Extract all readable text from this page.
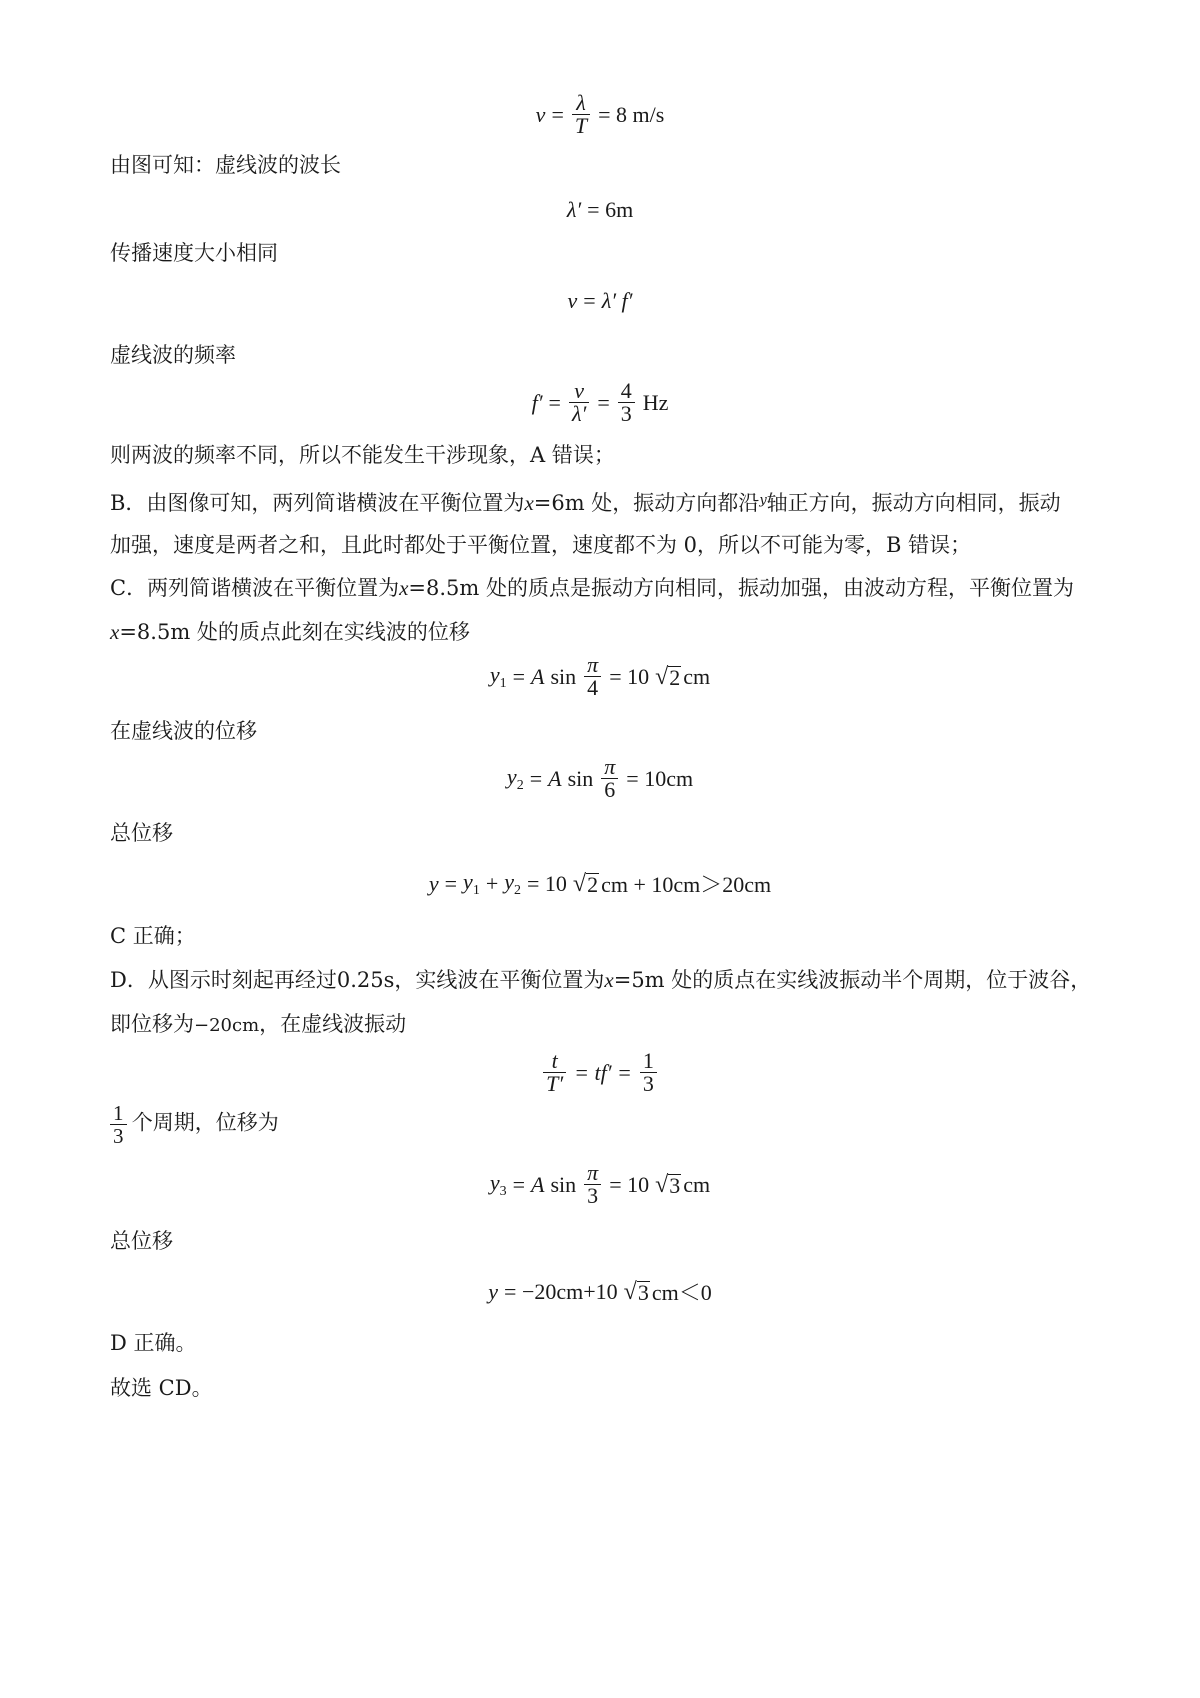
$v = \frac{\lambda}{T} = 8$ m/s
由图可知：虚线波的波长
λ′ = 6m
传播速度大小相同
v = λ′ f′
虚线波的频率
$f' = \frac{v}{\lambda'} = \frac{4}{3}$ Hz
则两波的频率不同，所以不能发生干涉现象，A 错误；
B．由图像可知，两列简谐横波在平衡位置为x=6m 处，振动方向都沿$^y$轴正方向，振动方向相同，振动
加强，速度是两者之和，且此时都处于平衡位置，速度都不为 0，所以不可能为零，B 错误；
C．两列简谐横波在平衡位置为x=8.5m 处的质点是振动方向相同，振动加强，由波动方程，平衡位置为
x=8.5m 处的质点此刻在实线波的位移
$y_1 = A$ $\sin \frac{\pi}{4} = 10$ √ 2 cm
在虚线波的位移
$y_2 = A$ $\sin \frac{\pi}{6} = 10cm$
总位移
$y = y_1 + y_2 = 10$ √ 2 cm + 10cm＞20cm
C 正确；
D．从图示时刻起再经过0.25s，实线波在平衡位置为x=5m 处的质点在实线波振动半个周期，位于波谷，
即位移为−20cm，在虚线波振动
$\frac{t}{T'} = tf' = \frac{1}{3}$
$\frac{1}{3}$ 个周期，位移为
$y_3 = A$ $\sin \frac{\pi}{3} = 10$ √ 3 cm
总位移
y = −20cm+10 √ 3 cm＜0
D 正确。
故选 CD。
